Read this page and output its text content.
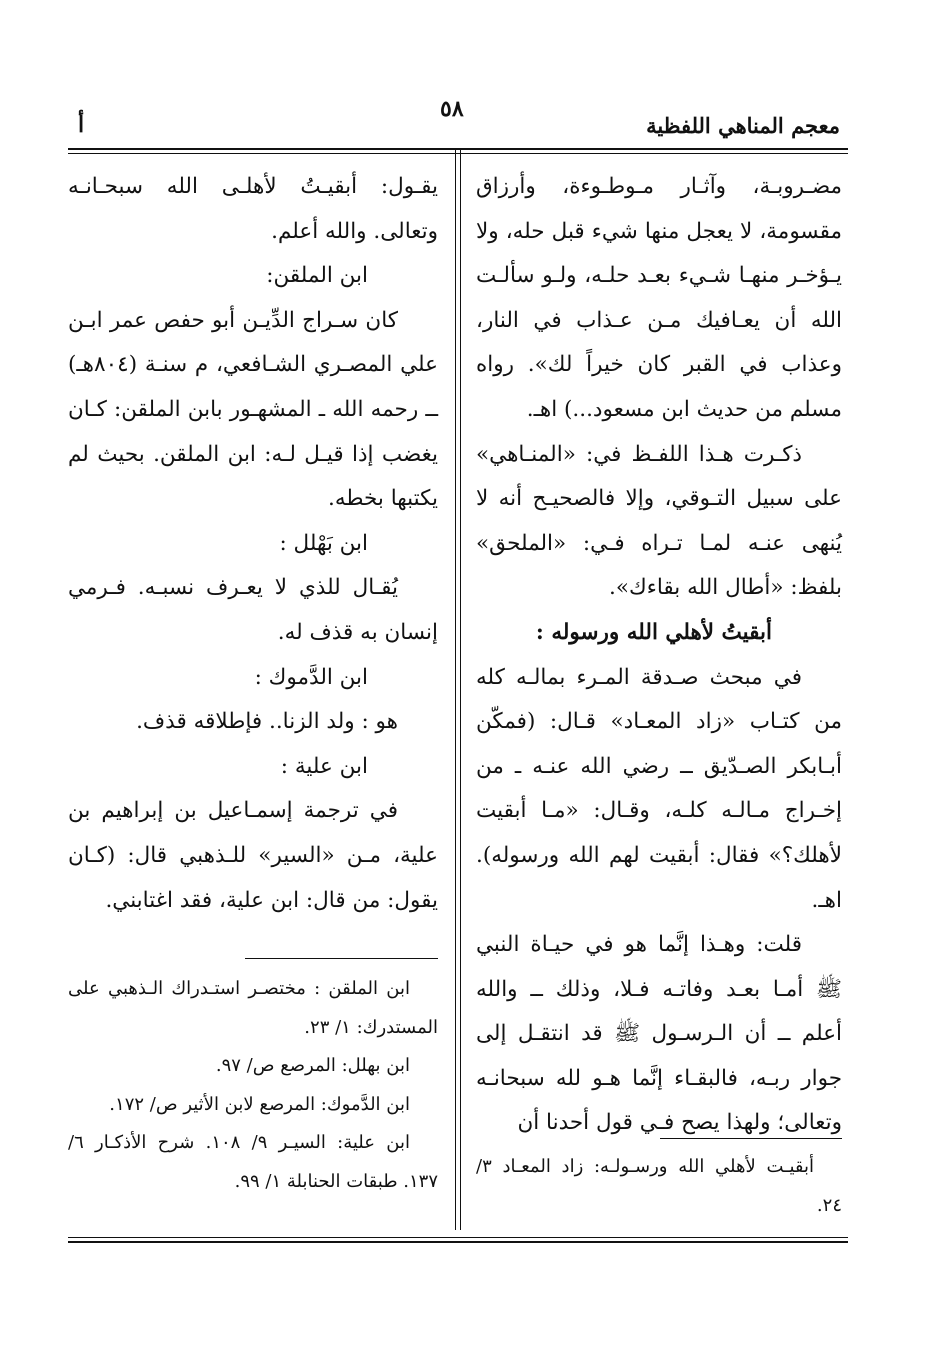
معجم المناهي اللفظية
٥٨
أ

مضـروبـة، وآثـار مـوطـوءة، وأرزاق مقسومة، لا يعجل منها شيء قبل حله، ولا يـؤخـر منهـا شـيء بعـد حلـه، ولـو سألـت الله أن يعـافيك مـن عـذاب في النار، وعذاب في القبر كان خيراً لك». رواه مسلم من حديث ابن مسعود...) اهـ.

ذكـرت هـذا اللفـظ في: «المنـاهي» على سبيل التـوقي، وإلا فالصحيـح أنه لا يُنهى عنـه لمـا تـراه فـي: «الملحق» بلفظ: «أطال الله بقاءك».

أبقيتُ لأهلي الله ورسوله :

في مبحث صـدقة المـرء بمالـه كله من كتـاب «زاد المعـاد» قـال: (فمكّن أبـابكر الصـدّيق ــ رضي الله عنـه ـ من إخـراج مـالـه كلـه، وقـال: «مـا أبقيت لأهلك؟» فقال: أبقيت لهم الله ورسوله). اهـ.

قلت: وهـذا إنَّما هو في حيـاة النبي ﷺ أمـا بعـد وفاتـه فـلا، وذلك ــ والله أعلم ــ أن الـرسـول ﷺ قد انتقـل إلى جوار ربـه، فالبقـاء إنَّما هـو لله سبحانـه وتعالى؛ ولهذا يصح فـي قول أحدنا أن

أبقيـت لأهلي الله ورسـولـه: زاد المعـاد ٣/ ٢٤.

يقـول: أبقيـتُ لأهلـى الله سبحـانـه وتعالى. والله أعلم.

ابن الملقن:

كان سـراج الدِّيـن أبو حفص عمر ابـن علي المصـري الشـافعي، م سنـة (٨٠٤هـ) ــ رحمه الله ـ المشهـور بابن الملقن: كـان يغضب إذا قيـل لـه: ابن الملقن. بحيث لم يكتبها بخطه.

ابن بَهْلل :

يُقـال للذي لا يعـرف نسبـه. فـرمي إنسان به قذف له.

ابن الدَّموك :

هو : ولد الزنا.. فإطلاقه قذف.

ابن علية :

في ترجمة إسمـاعيل بن إبراهيم بن علية، مـن «السير» للـذهبي قال: (كـان يقول: من قال: ابن علية، فقد اغتابني.

ابن الملقن : مختصـر استـدراك الـذهبي على المستدرك: ١/ ٢٣.

ابن بهلل: المرصع ص/ ٩٧.

ابن الدَّموك: المرصع لابن الأثير ص/ ١٧٢.

ابن علية: السيـر ٩/ ١٠٨. شرح الأذكـار ٦/ ١٣٧. طبقات الحنابلة ١/ ٩٩.
